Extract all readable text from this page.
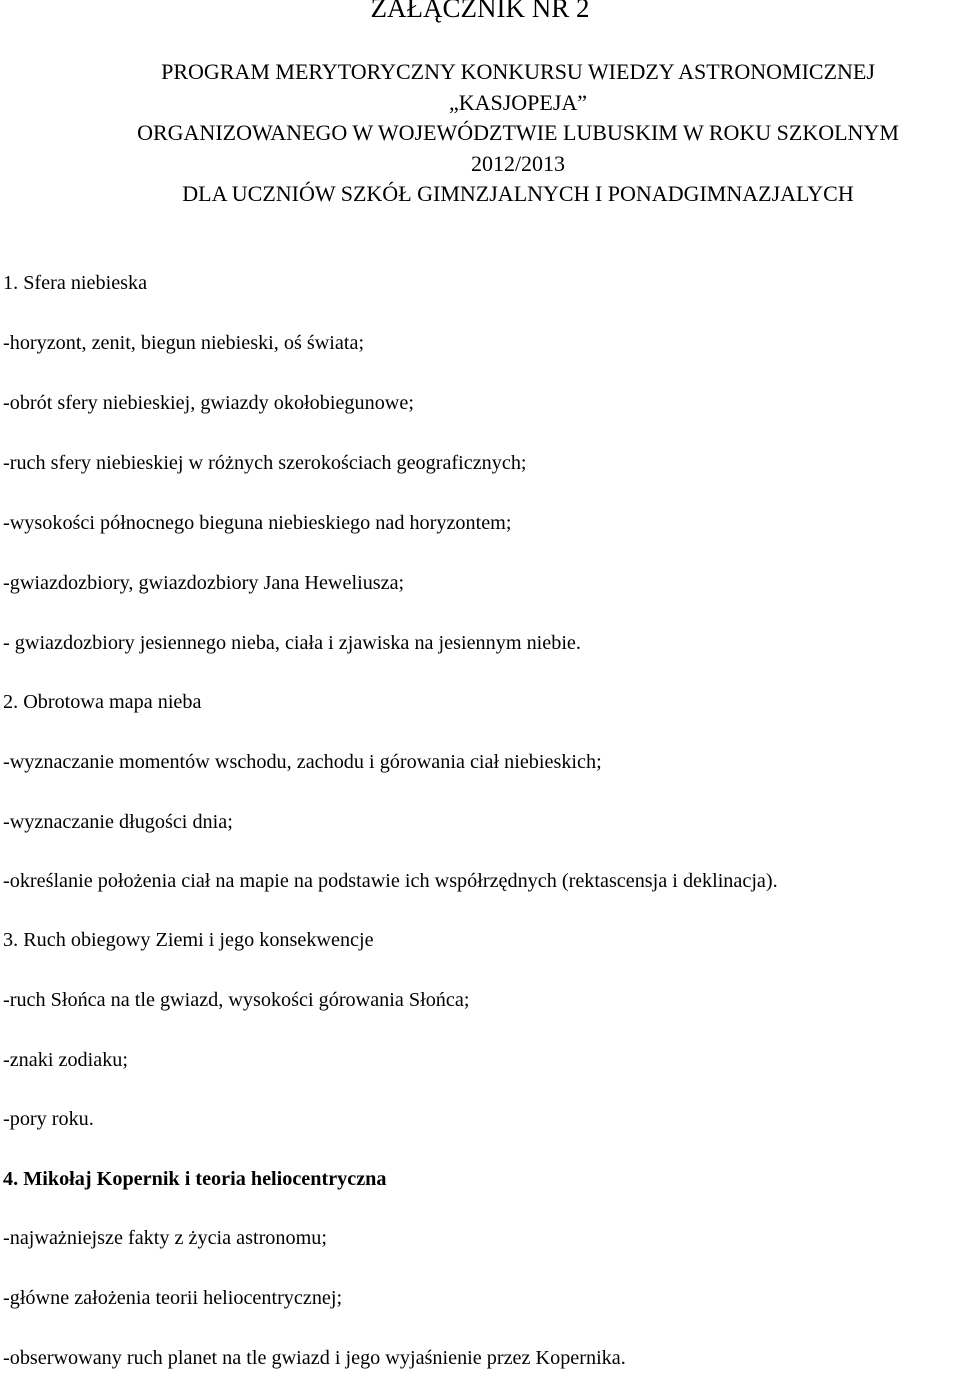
ZAŁĄCZNIK NR 2
PROGRAM MERYTORYCZNY KONKURSU WIEDZY ASTRONOMICZNEJ
„KASJOPEJA”
ORGANIZOWANEGO W WOJEWÓDZTWIE LUBUSKIM W ROKU SZKOLNYM
2012/2013
DLA UCZNIÓW SZKÓŁ GIMNZJALNYCH I PONADGIMNAZJALYCH
1. Sfera niebieska
-horyzont, zenit, biegun niebieski, oś świata;
-obrót sfery niebieskiej, gwiazdy okołobiegunowe;
-ruch sfery niebieskiej w różnych szerokościach geograficznych;
-wysokości północnego bieguna niebieskiego nad horyzontem;
-gwiazdozbiory, gwiazdozbiory Jana Heweliusza;
- gwiazdozbiory jesiennego nieba, ciała i zjawiska na jesiennym niebie.
2. Obrotowa mapa nieba
-wyznaczanie momentów wschodu, zachodu i górowania ciał niebieskich;
-wyznaczanie długości dnia;
-określanie położenia ciał na mapie na podstawie ich współrzędnych (rektascensja i deklinacja).
3. Ruch obiegowy Ziemi i jego konsekwencje
-ruch Słońca na tle gwiazd, wysokości górowania Słońca;
-znaki zodiaku;
-pory roku.
4. Mikołaj Kopernik i teoria heliocentryczna
-najważniejsze fakty z życia astronomu;
-główne założenia teorii heliocentrycznej;
-obserwowany ruch planet na tle gwiazd i jego wyjaśnienie przez Kopernika.
